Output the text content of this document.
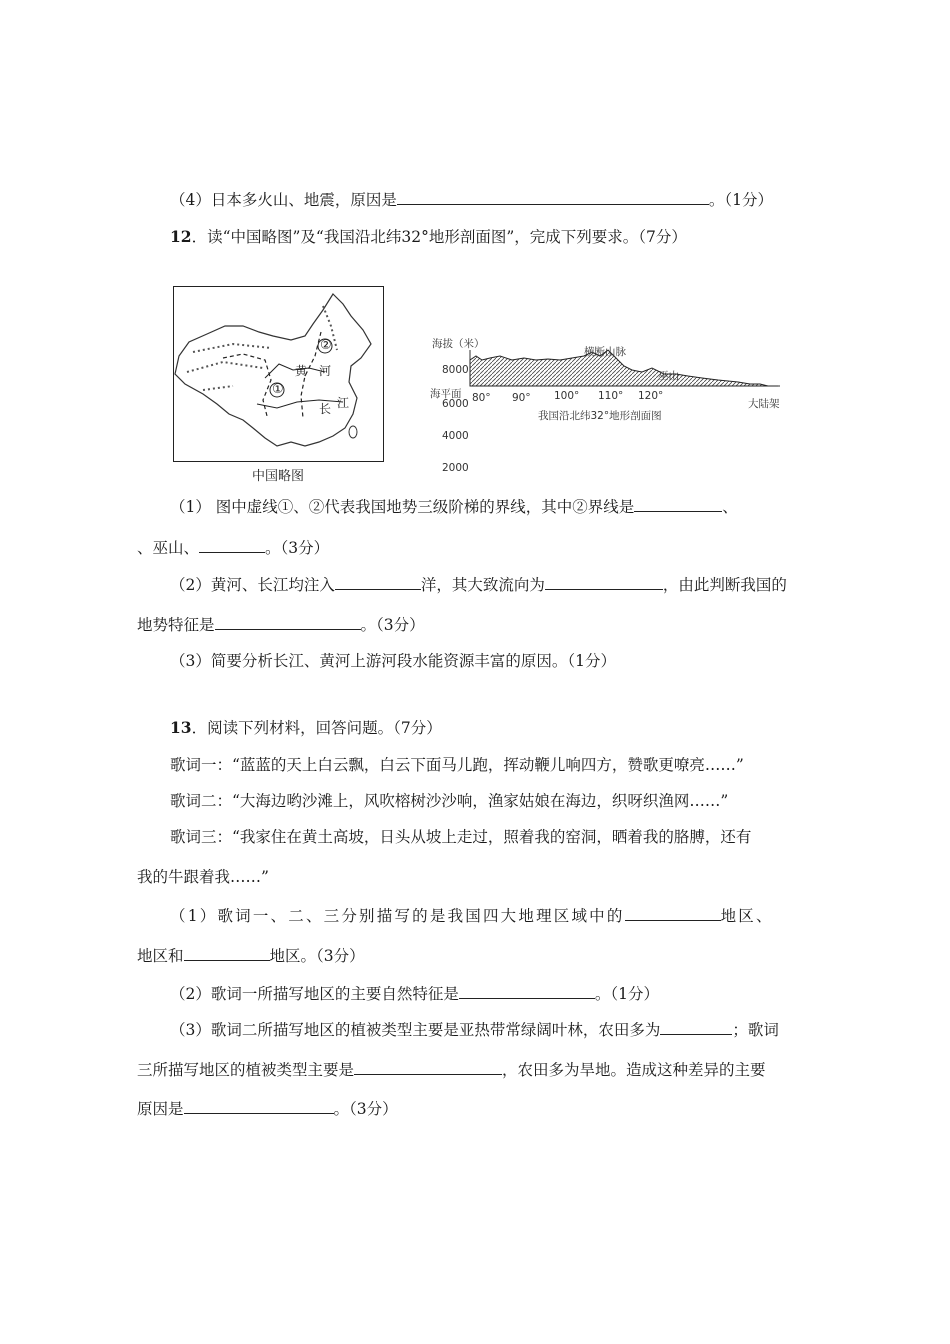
（4）日本多火山、地震，原因是	。（1分）
12．读“中国略图”及“我国沿北纬32°地形剖面图”，完成下列要求。（7分）
①
②
黄 河
长 江
中国略图
海拔（米）
8000
海平面
6000
4000
2000
80° 90° 100° 110° 120°
横断山脉
巫山
大陆架
我国沿北纬32°地形剖面图
（1） 图中虚线①、②代表我国地势三级阶梯的界线，其中②界线是	、
、巫山、	。（3分）
（2）黄河、长江均注入	洋，其大致流向为	，由此判断我国的
地势特征是	。（3分）
（3）简要分析长江、黄河上游河段水能资源丰富的原因。（1分）
13．阅读下列材料，回答问题。（7分）
歌词一：“蓝蓝的天上白云飘，白云下面马儿跑，挥动鞭儿响四方，赞歌更嘹亮……”
歌词二：“大海边哟沙滩上，风吹榕树沙沙响，渔家姑娘在海边，织呀织渔网……”
歌词三：“我家住在黄土高坡，日头从坡上走过，照着我的窑洞，晒着我的胳膊，还有
我的牛跟着我……”
（1）歌词一、二、三分别描写的是我国四大地理区域中的	地区、
地区和	地区。（3分）
（2）歌词一所描写地区的主要自然特征是	。（1分）
（3）歌词二所描写地区的植被类型主要是亚热带常绿阔叶林，农田多为	；歌词
三所描写地区的植被类型主要是	，农田多为旱地。造成这种差异的主要
原因是	。（3分）
